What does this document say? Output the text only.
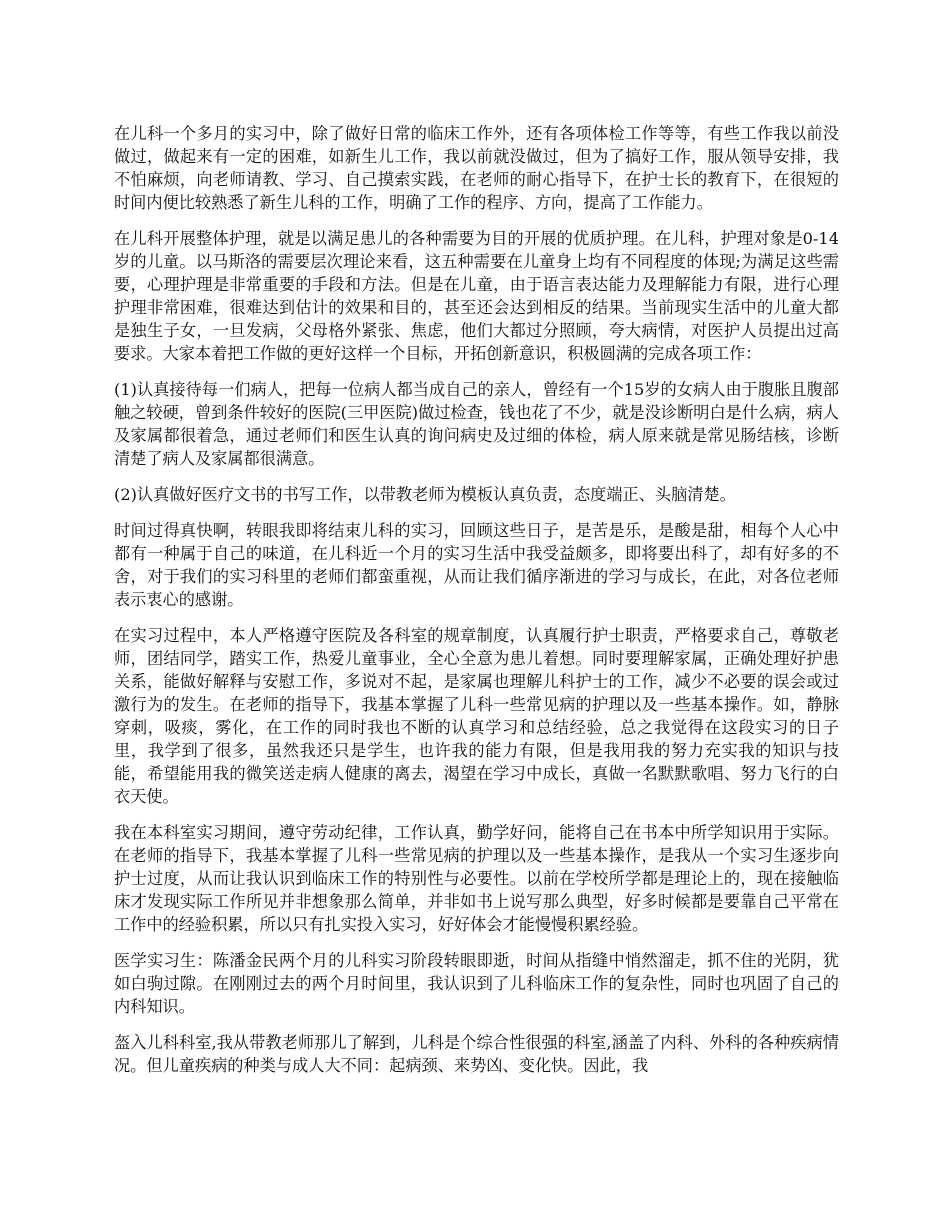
在儿科一个多月的实习中，除了做好日常的临床工作外，还有各项体检工作等等，有些工作我以前没做过，做起来有一定的困难，如新生儿工作，我以前就没做过，但为了搞好工作，服从领导安排，我不怕麻烦，向老师请教、学习、自己摸索实践，在老师的耐心指导下，在护士长的教育下，在很短的时间内便比较熟悉了新生儿科的工作，明确了工作的程序、方向，提高了工作能力。

在儿科开展整体护理，就是以满足患儿的各种需要为目的开展的优质护理。在儿科，护理对象是0-14岁的儿童。以马斯洛的需要层次理论来看，这五种需要在儿童身上均有不同程度的体现;为满足这些需要，心理护理是非常重要的手段和方法。但是在儿童，由于语言表达能力及理解能力有限，进行心理护理非常困难，很难达到估计的效果和目的，甚至还会达到相反的结果。当前现实生活中的儿童大都是独生子女，一旦发病，父母格外紧张、焦虑，他们大都过分照顾，夸大病情，对医护人员提出过高要求。大家本着把工作做的更好这样一个目标，开拓创新意识，积极圆满的完成各项工作：

(1)认真接待每一们病人，把每一位病人都当成自己的亲人，曾经有一个15岁的女病人由于腹胀且腹部触之较硬，曾到条件较好的医院(三甲医院)做过检查，钱也花了不少，就是没诊断明白是什么病，病人及家属都很着急，通过老师们和医生认真的询问病史及过细的体检，病人原来就是常见肠结核，诊断清楚了病人及家属都很满意。

(2)认真做好医疗文书的书写工作，以带教老师为模板认真负责，态度端正、头脑清楚。

时间过得真快啊，转眼我即将结束儿科的实习，回顾这些日子，是苦是乐，是酸是甜，相每个人心中都有一种属于自己的味道，在儿科近一个月的实习生活中我受益颇多，即将要出科了，却有好多的不舍，对于我们的实习科里的老师们都蛮重视，从而让我们循序渐进的学习与成长，在此，对各位老师表示衷心的感谢。

在实习过程中，本人严格遵守医院及各科室的规章制度，认真履行护士职责，严格要求自己，尊敬老师，团结同学，踏实工作，热爱儿童事业，全心全意为患儿着想。同时要理解家属，正确处理好护患关系，能做好解释与安慰工作，多说对不起，是家属也理解儿科护士的工作，减少不必要的误会或过激行为的发生。在老师的指导下，我基本掌握了儿科一些常见病的护理以及一些基本操作。如，静脉穿刺，吸痰，雾化，在工作的同时我也不断的认真学习和总结经验，总之我觉得在这段实习的日子里，我学到了很多，虽然我还只是学生，也许我的能力有限，但是我用我的努力充实我的知识与技能，希望能用我的微笑送走病人健康的离去，渴望在学习中成长，真做一名默默歌唱、努力飞行的白衣天使。

我在本科室实习期间，遵守劳动纪律，工作认真，勤学好问，能将自己在书本中所学知识用于实际。在老师的指导下，我基本掌握了儿科一些常见病的护理以及一些基本操作，是我从一个实习生逐步向护士过度，从而让我认识到临床工作的特别性与必要性。以前在学校所学都是理论上的，现在接触临床才发现实际工作所见并非想象那么简单，并非如书上说写那么典型，好多时候都是要靠自己平常在工作中的经验积累，所以只有扎实投入实习，好好体会才能慢慢积累经验。

医学实习生：陈潘金民两个月的儿科实习阶段转眼即逝，时间从指缝中悄然溜走，抓不住的光阴，犹如白驹过隙。在刚刚过去的两个月时间里，我认识到了儿科临床工作的复杂性，同时也巩固了自己的内科知识。

盔入儿科科室,我从带教老师那儿了解到，儿科是个综合性很强的科室,涵盖了内科、外科的各种疾病情况。但儿童疾病的种类与成人大不同：起病颈、来势凶、变化快。因此，我
